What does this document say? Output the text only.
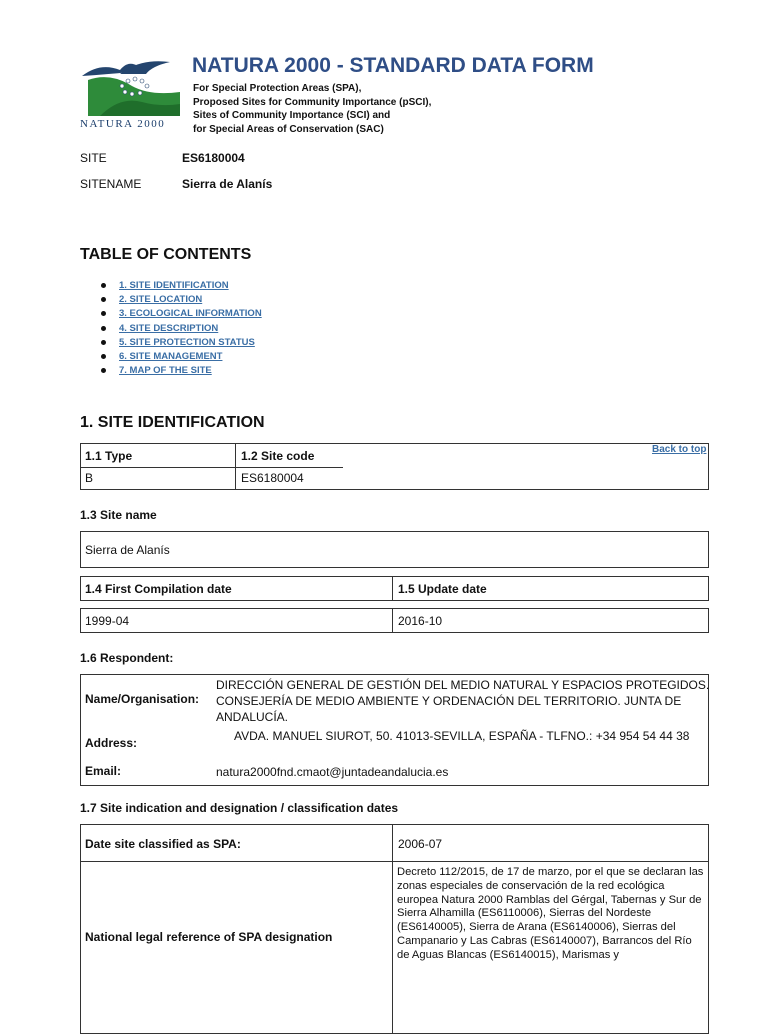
NATURA 2000
NATURA 2000 - STANDARD DATA FORM
For Special Protection Areas (SPA),
Proposed Sites for Community Importance (pSCI),
Sites of Community Importance (SCI) and
for Special Areas of Conservation (SAC)
SITE	ES6180004
SITENAME	Sierra de Alanís
TABLE OF CONTENTS
1. SITE IDENTIFICATION
2. SITE LOCATION
3. ECOLOGICAL INFORMATION
4. SITE DESCRIPTION
5. SITE PROTECTION STATUS
6. SITE MANAGEMENT
7. MAP OF THE SITE
1. SITE IDENTIFICATION
Back to top
1.1 Type	1.2 Site code
B	ES6180004
1.3 Site name
Sierra de Alanís
1.4 First Compilation date	1.5 Update date
1999-04	2016-10
1.6 Respondent:
Name/Organisation:
DIRECCIÓN GENERAL DE GESTIÓN DEL MEDIO NATURAL Y ESPACIOS PROTEGIDOS. CONSEJERÍA DE MEDIO AMBIENTE Y ORDENACIÓN DEL TERRITORIO. JUNTA DE ANDALUCÍA.
Address:	AVDA. MANUEL SIUROT, 50. 41013-SEVILLA, ESPAÑA - TLFNO.: +34 954 54 44 38
Email:	natura2000fnd.cmaot@juntadeandalucia.es
1.7 Site indication and designation / classification dates
Date site classified as SPA:	2006-07
National legal reference of SPA designation
Decreto 112/2015, de 17 de marzo, por el que se declaran las zonas especiales de conservación de la red ecológica europea Natura 2000 Ramblas del Gérgal, Tabernas y Sur de Sierra Alhamilla (ES6110006), Sierras del Nordeste (ES6140005), Sierra de Arana (ES6140006), Sierras del Campanario y Las Cabras (ES6140007), Barrancos del Río de Aguas Blancas (ES6140015), Marismas y
